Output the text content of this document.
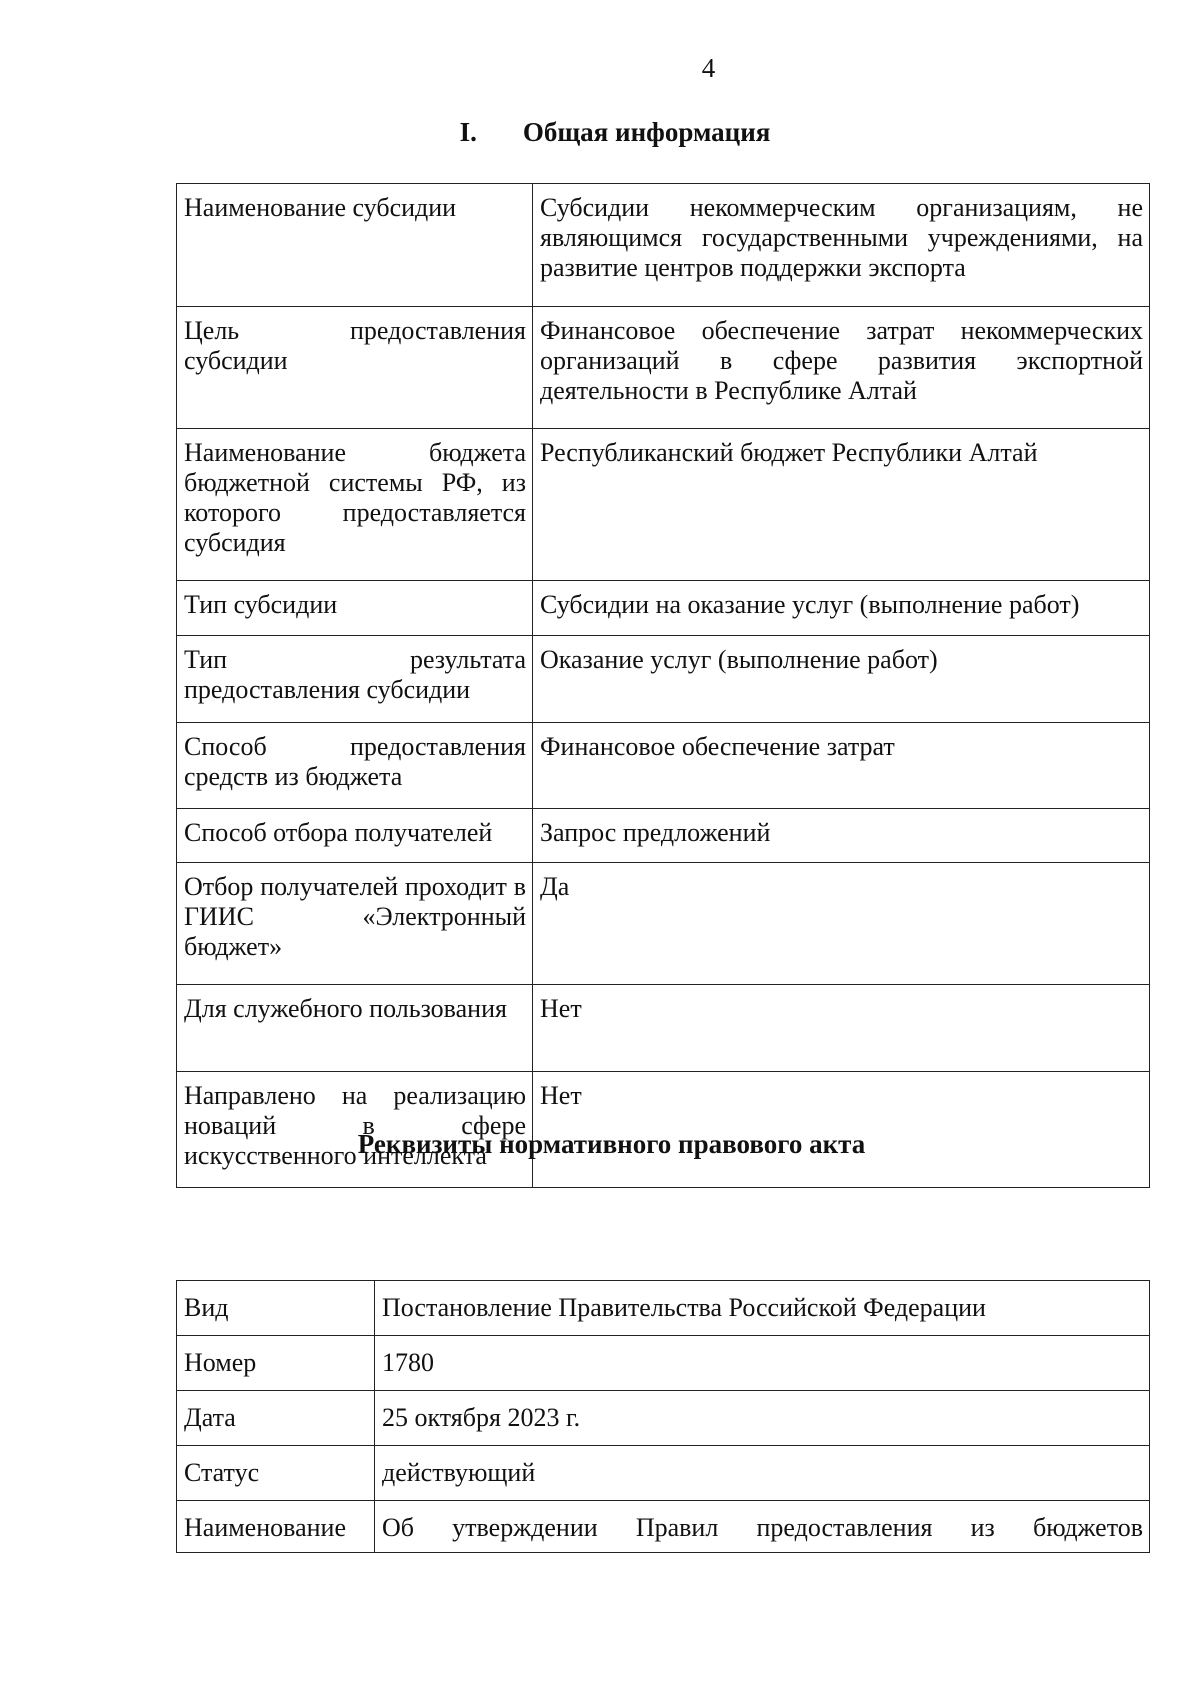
4
I. Общая информация
Наименование субсидии	Субсидии некоммерческим организациям, не являющимся государственными учреждениями, на развитие центров поддержки экспорта
Цель предоставления субсидии	Финансовое обеспечение затрат некоммерческих организаций в сфере развития экспортной деятельности в Республике Алтай
Наименование бюджета бюджетной системы РФ, из которого предоставляется субсидия	Республиканский бюджет Республики Алтай
Тип субсидии	Субсидии на оказание услуг (выполнение работ)
Тип результата предоставления субсидии	Оказание услуг (выполнение работ)
Способ предоставления средств из бюджета	Финансовое обеспечение затрат
Способ отбора получателей	Запрос предложений
Отбор получателей проходит в ГИИС «Электронный бюджет»	Да
Для служебного пользования	Нет
Направлено на реализацию новаций в сфере искусственного интеллекта	Нет
Реквизиты нормативного правового акта
Вид	Постановление Правительства Российской Федерации
Номер	1780
Дата	25 октября 2023 г.
Статус	действующий
Наименование	Об утверждении Правил предоставления из бюджетов
